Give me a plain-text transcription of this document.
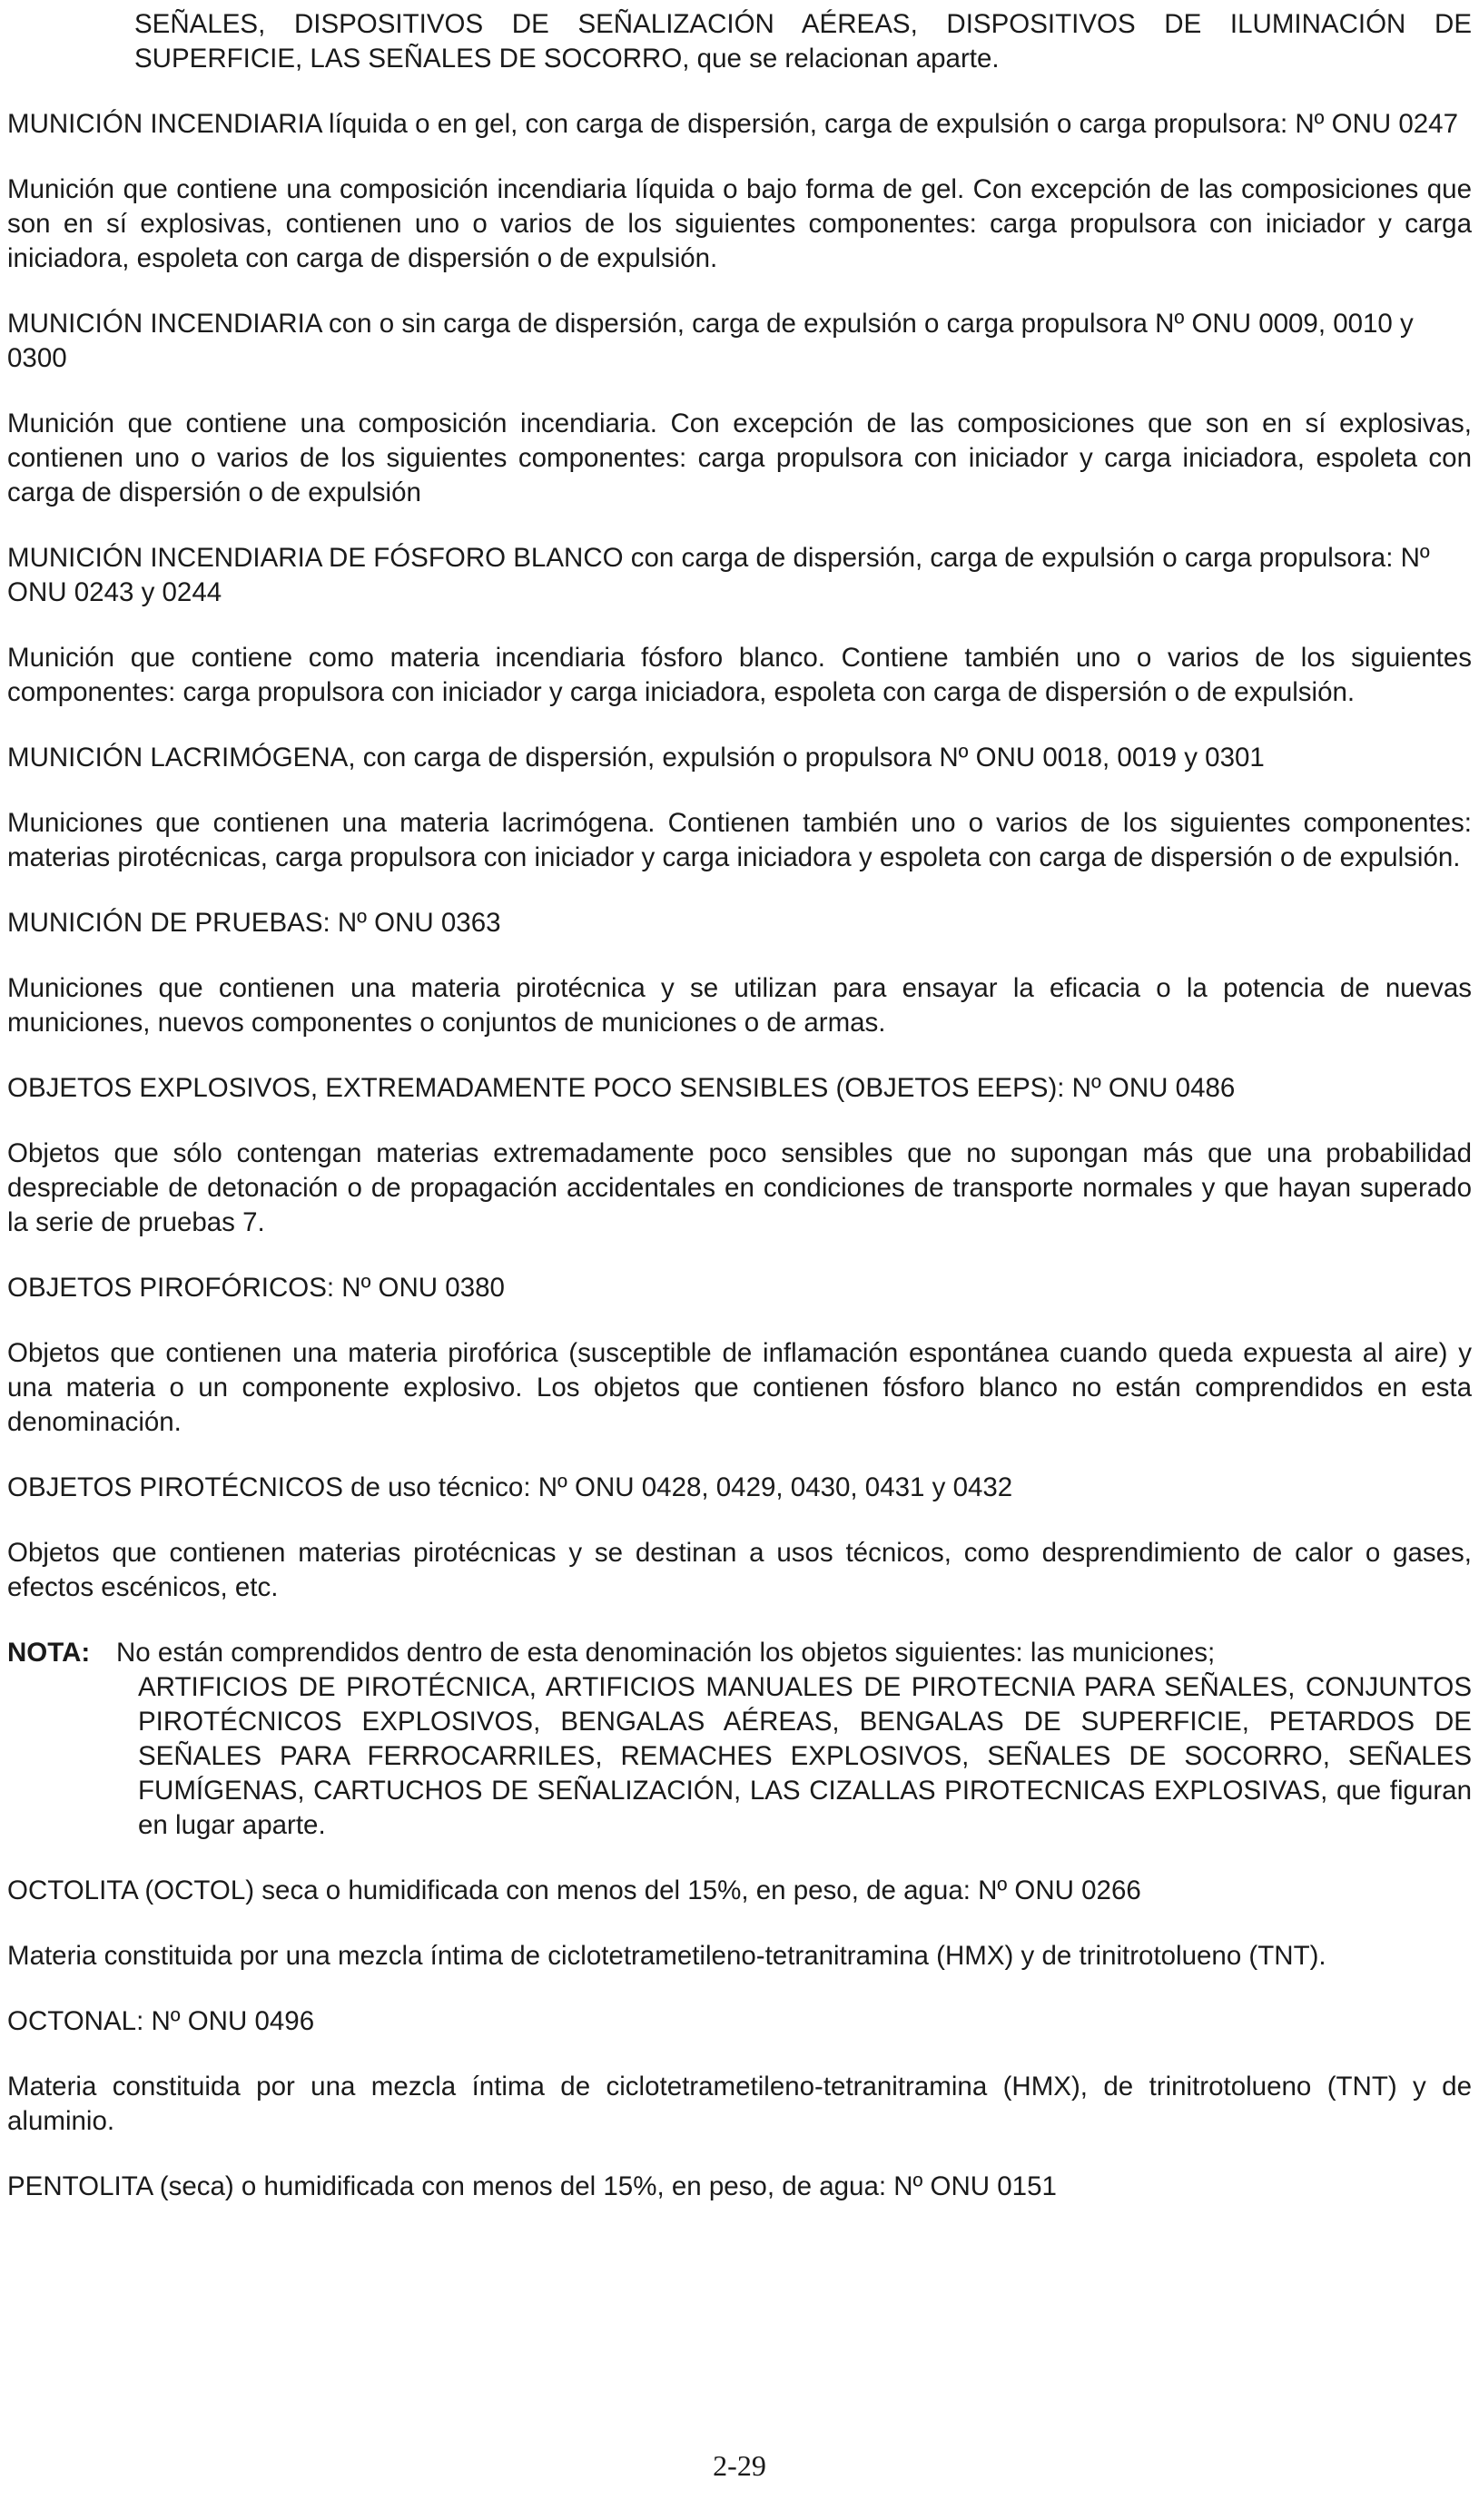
SEÑALES, DISPOSITIVOS DE SEÑALIZACIÓN AÉREAS, DISPOSITIVOS DE ILUMINACIÓN DE SUPERFICIE, LAS SEÑALES DE SOCORRO, que se relacionan aparte.

MUNICIÓN INCENDIARIA líquida o en gel, con carga de dispersión, carga de expulsión o carga propulsora: Nº ONU 0247

Munición que contiene una composición incendiaria líquida o bajo forma de gel. Con excepción de las composiciones que son en sí explosivas, contienen uno o varios de los siguientes componentes: carga propulsora con iniciador y carga iniciadora, espoleta con carga de dispersión o de expulsión.

MUNICIÓN INCENDIARIA con o sin carga de dispersión, carga de expulsión o carga propulsora Nº ONU 0009, 0010 y 0300

Munición que contiene una composición incendiaria. Con excepción de las composiciones que son en sí explosivas, contienen uno o varios de los siguientes componentes: carga propulsora con iniciador y carga iniciadora, espoleta con carga de dispersión o de expulsión

MUNICIÓN INCENDIARIA DE FÓSFORO BLANCO con carga de dispersión, carga de expulsión o carga propulsora: Nº ONU 0243 y 0244

Munición que contiene como materia incendiaria fósforo blanco. Contiene también uno o varios de los siguientes componentes: carga propulsora con iniciador y carga iniciadora, espoleta con carga de dispersión o de expulsión.

MUNICIÓN LACRIMÓGENA, con carga de dispersión, expulsión o propulsora Nº ONU 0018, 0019 y 0301

Municiones que contienen una materia lacrimógena. Contienen también uno o varios de los siguientes componentes: materias pirotécnicas, carga propulsora con iniciador y carga iniciadora y espoleta con carga de dispersión o de expulsión.

MUNICIÓN DE PRUEBAS: Nº ONU 0363

Municiones que contienen una materia pirotécnica y se utilizan para ensayar la eficacia o la potencia de nuevas municiones, nuevos componentes o conjuntos de municiones o de armas.

OBJETOS EXPLOSIVOS, EXTREMADAMENTE POCO SENSIBLES (OBJETOS EEPS): Nº ONU 0486

Objetos que sólo contengan materias extremadamente poco sensibles que no supongan más que una probabilidad despreciable de detonación o de propagación accidentales en condiciones de transporte normales y que hayan superado la serie de pruebas 7.

OBJETOS PIROFÓRICOS: Nº ONU 0380

Objetos que contienen una materia pirofórica (susceptible de inflamación espontánea cuando queda expuesta al aire) y una materia o un componente explosivo. Los objetos que contienen fósforo blanco no están comprendidos en esta denominación.

OBJETOS PIROTÉCNICOS de uso técnico: Nº ONU 0428, 0429, 0430, 0431 y 0432

Objetos que contienen materias pirotécnicas y se destinan a usos técnicos, como desprendimiento de calor o gases, efectos escénicos, etc.

NOTA: No están comprendidos dentro de esta denominación los objetos siguientes: las municiones;
ARTIFICIOS DE PIROTÉCNICA, ARTIFICIOS MANUALES DE PIROTECNIA PARA SEÑALES, CONJUNTOS PIROTÉCNICOS EXPLOSIVOS, BENGALAS AÉREAS, BENGALAS DE SUPERFICIE, PETARDOS DE SEÑALES PARA FERROCARRILES, REMACHES EXPLOSIVOS, SEÑALES DE SOCORRO, SEÑALES FUMÍGENAS, CARTUCHOS DE SEÑALIZACIÓN, LAS CIZALLAS PIROTECNICAS EXPLOSIVAS, que figuran en lugar aparte.

OCTOLITA (OCTOL) seca o humidificada con menos del 15%, en peso, de agua: Nº ONU 0266

Materia constituida por una mezcla íntima de ciclotetrametileno-tetranitramina (HMX) y de trinitrotolueno (TNT).

OCTONAL: Nº ONU 0496

Materia constituida por una mezcla íntima de ciclotetrametileno-tetranitramina (HMX), de trinitrotolueno (TNT) y de aluminio.

PENTOLITA (seca) o humidificada con menos del 15%, en peso, de agua: Nº ONU 0151

2-29
